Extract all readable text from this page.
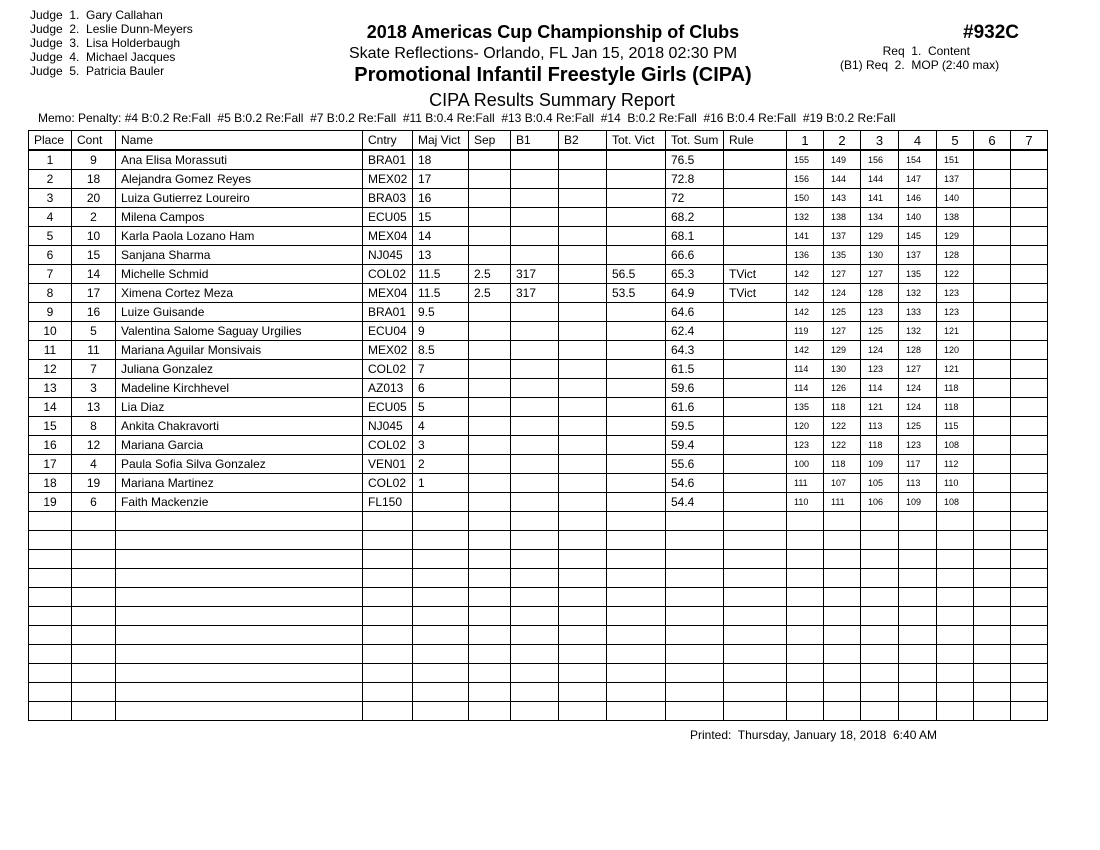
Judge  1.  Gary Callahan
Judge  2.  Leslie Dunn-Meyers
Judge  3.  Lisa Holderbaugh
Judge  4.  Michael Jacques
Judge  5.  Patricia Bauler
2018 Americas Cup Championship of Clubs
Skate Reflections- Orlando, FL Jan 15, 2018 02:30 PM
Promotional Infantil Freestyle Girls (CIPA)
CIPA Results Summary Report
#932C
Req  1.  Content
(B1) Req  2.  MOP (2:40 max)
Memo: Penalty: #4 B:0.2 Re:Fall  #5 B:0.2 Re:Fall  #7 B:0.2 Re:Fall  #11 B:0.4 Re:Fall  #13 B:0.4 Re:Fall  #14  B:0.2 Re:Fall  #16 B:0.4 Re:Fall  #19 B:0.2 Re:Fall
Place	Cont	Name	Cntry	Maj Vict	Sep	B1	B2	Tot. Vict	Tot. Sum	Rule	1	2	3	4	5	6	7
1	9	Ana Elisa Morassuti	BRA01	18					76.5		155	149	156	154	151		
2	18	Alejandra Gomez Reyes	MEX02	17					72.8		156	144	144	147	137		
3	20	Luiza Gutierrez Loureiro	BRA03	16					72		150	143	141	146	140		
4	2	Milena Campos	ECU05	15					68.2		132	138	134	140	138		
5	10	Karla Paola Lozano Ham	MEX04	14					68.1		141	137	129	145	129		
6	15	Sanjana Sharma	NJ045	13					66.6		136	135	130	137	128		
7	14	Michelle Schmid	COL02	11.5	2.5	317		56.5	65.3	TVict	142	127	127	135	122		
8	17	Ximena Cortez Meza	MEX04	11.5	2.5	317		53.5	64.9	TVict	142	124	128	132	123		
9	16	Luize Guisande	BRA01	9.5					64.6		142	125	123	133	123		
10	5	Valentina Salome Saguay Urgilies	ECU04	9					62.4		119	127	125	132	121		
11	11	Mariana Aguilar Monsivais	MEX02	8.5					64.3		142	129	124	128	120		
12	7	Juliana Gonzalez	COL02	7					61.5		114	130	123	127	121		
13	3	Madeline Kirchhevel	AZ013	6					59.6		114	126	114	124	118		
14	13	Lia Diaz	ECU05	5					61.6		135	118	121	124	118		
15	8	Ankita Chakravorti	NJ045	4					59.5		120	122	113	125	115		
16	12	Mariana Garcia	COL02	3					59.4		123	122	118	123	108		
17	4	Paula Sofia Silva Gonzalez	VEN01	2					55.6		100	118	109	117	112		
18	19	Mariana Martinez	COL02	1					54.6		111	107	105	113	110		
19	6	Faith Mackenzie	FL150						54.4		110	111	106	109	108		

Printed:  Thursday, January 18, 2018  6:40 AM
